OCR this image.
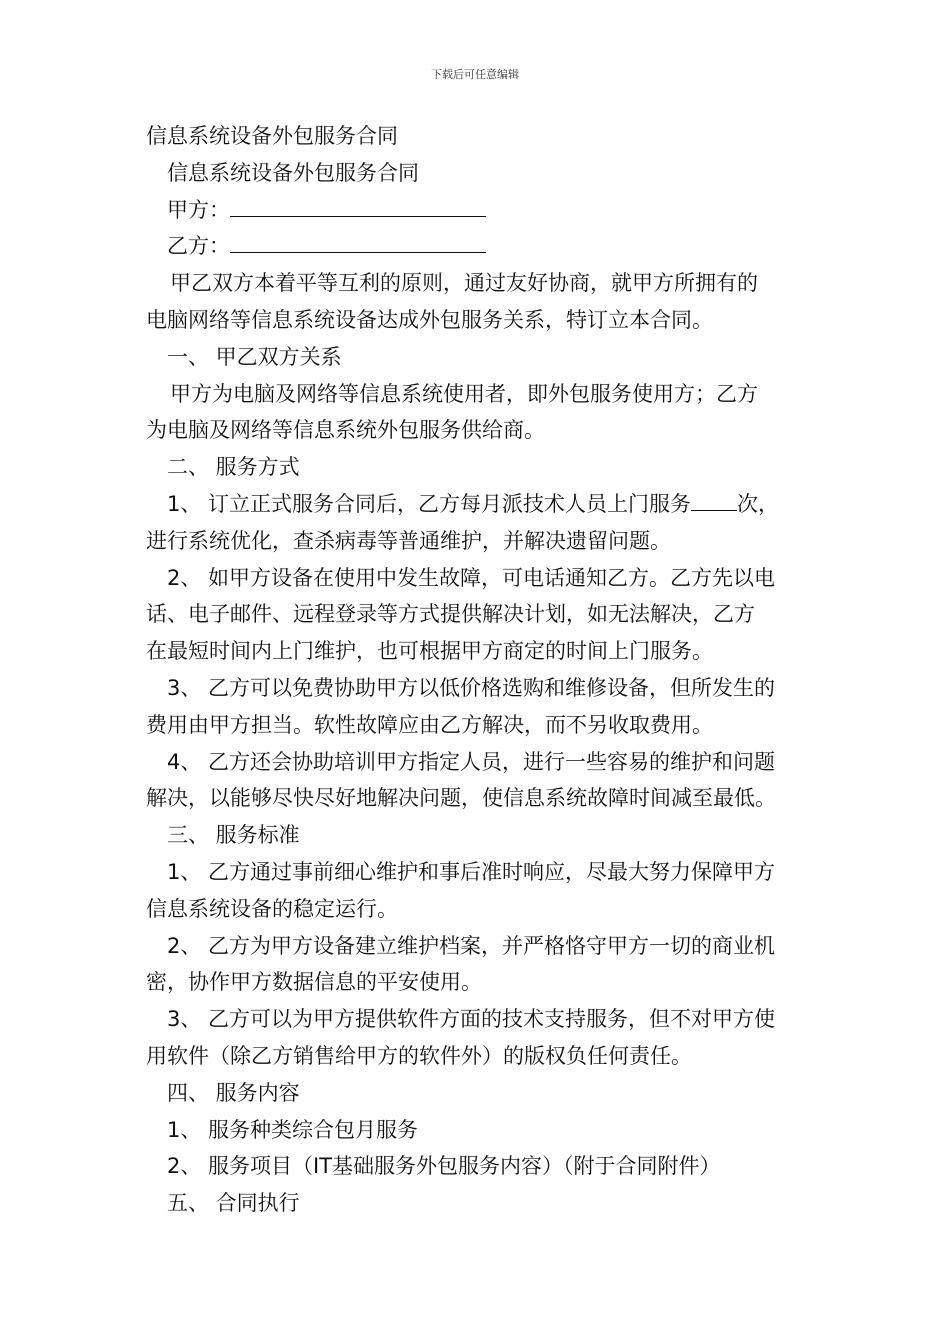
下载后可任意编辑
信息系统设备外包服务合同
信息系统设备外包服务合同
甲方：
乙方：
甲乙双方本着平等互利的原则，通过友好协商，就甲方所拥有的
电脑网络等信息系统设备达成外包服务关系，特订立本合同。
一、 甲乙双方关系
甲方为电脑及网络等信息系统使用者，即外包服务使用方；乙方
为电脑及网络等信息系统外包服务供给商。
二、 服务方式
1、 订立正式服务合同后，乙方每月派技术人员上门服务 次，
进行系统优化，查杀病毒等普通维护，并解决遗留问题。
2、 如甲方设备在使用中发生故障，可电话通知乙方。乙方先以电
话、电子邮件、远程登录等方式提供解决计划，如无法解决，乙方
在最短时间内上门维护，也可根据甲方商定的时间上门服务。
3、 乙方可以免费协助甲方以低价格选购和维修设备，但所发生的
费用由甲方担当。软性故障应由乙方解决，而不另收取费用。
4、 乙方还会协助培训甲方指定人员，进行一些容易的维护和问题
解决，以能够尽快尽好地解决问题，使信息系统故障时间减至最低。
三、 服务标准
1、 乙方通过事前细心维护和事后准时响应，尽最大努力保障甲方
信息系统设备的稳定运行。
2、 乙方为甲方设备建立维护档案，并严格恪守甲方一切的商业机
密，协作甲方数据信息的平安使用。
3、 乙方可以为甲方提供软件方面的技术支持服务，但不对甲方使
用软件（除乙方销售给甲方的软件外）的版权负任何责任。
四、 服务内容
1、 服务种类综合包月服务
2、 服务项目（IT基础服务外包服务内容）（附于合同附件）
五、 合同执行
